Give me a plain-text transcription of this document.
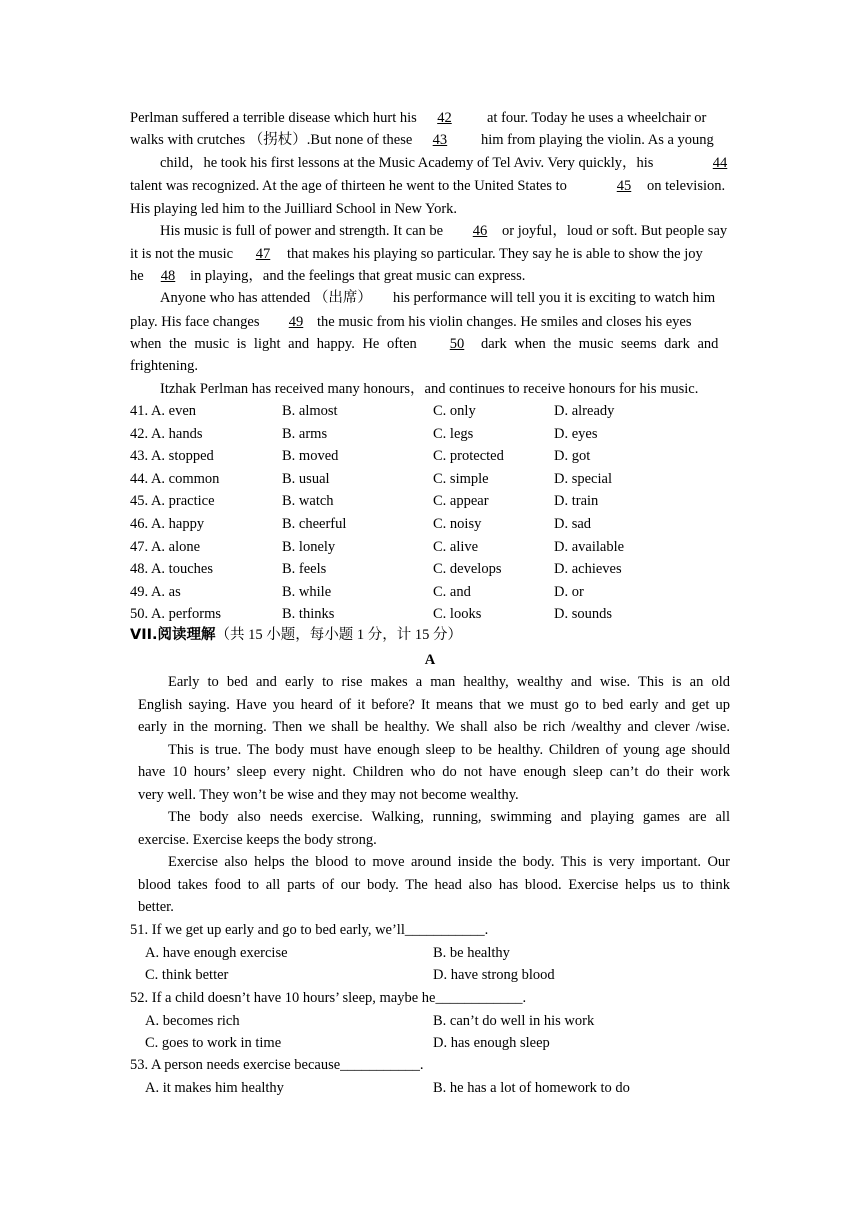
Perlman suffered a terrible disease which hurt his 42	at four. Today he uses a wheelchair or
walks with crutches （拐杖）.But none of these 43	him from playing the violin. As a young
child，he took his first lessons at the Music Academy of Tel Aviv. Very quickly，his	44
talent was recognized. At the age of thirteen he went to the United States to	45	on television.
His playing led him to the Juilliard School in New York.
His music is full of power and strength. It can be	46	or joyful，loud or soft. But people say
it is not the music	47	that makes his playing so particular. They say he is able to show the joy
he	48	in playing，and the feelings that great music can express.
Anyone who has attended （出席） his performance will tell you it is exciting to watch him
play. His face changes	49 the music from his violin changes. He smiles and closes his eyes
when the music is light and happy. He often	50	dark when the music seems dark and
frightening.
Itzhak Perlman has received many honours，and continues to receive honours for his music.
41. A. even	B. almost	C. only	D. already
42. A. hands	B. arms	C. legs	D. eyes
43. A. stopped	B. moved	C. protected	D. got
44. A. common	B. usual	C. simple	D. special
45. A. practice	B. watch	C. appear	D. train
46. A. happy	B. cheerful	C. noisy	D. sad
47. A. alone	B. lonely	C. alive	D. available
48. A. touches	B. feels	C. develops	D. achieves
49. A. as	B. while	C. and	D. or
50. A. performs	B. thinks	C. looks	D. sounds
VII.阅读理解（共 15 小题，每小题 1 分，计 15 分）
A
Early to bed and early to rise makes a man healthy, wealthy and wise. This is an old
English saying. Have you heard of it before? It means that we must go to bed early and get up
early in the morning. Then we shall be healthy. We shall also be rich /wealthy and clever /wise.
This is true. The body must have enough sleep to be healthy. Children of young age should
have 10 hours’ sleep every night. Children who do not have enough sleep can’t do their work
very well. They won’t be wise and they may not become wealthy.
The body also needs exercise. Walking, running, swimming and playing games are all
exercise. Exercise keeps the body strong.
Exercise also helps the blood to move around inside the body. This is very important. Our
blood takes food to all parts of our body. The head also has blood. Exercise helps us to think
better.
51. If we get up early and go to bed early, we’ll___________.
A. have enough exercise	B. be healthy
C. think better	D. have strong blood
52. If a child doesn’t have 10 hours’ sleep, maybe he____________.
A. becomes rich	B. can’t do well in his work
C. goes to work in time	D. has enough sleep
53. A person needs exercise because___________.
A. it makes him healthy	B. he has a lot of homework to do
